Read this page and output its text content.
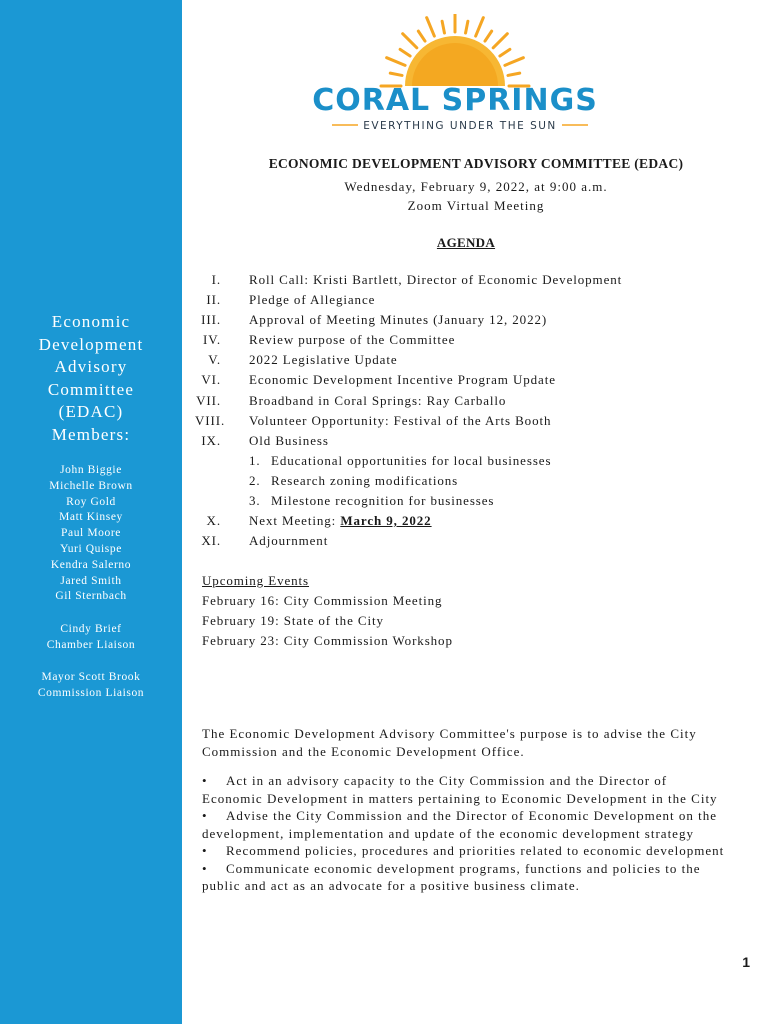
Economic
Development
Advisory
Committee
(EDAC)
Members:
John Biggie
Michelle Brown
Roy Gold
Matt Kinsey
Paul Moore
Yuri Quispe
Kendra Salerno
Jared Smith
Gil Sternbach
Cindy Brief
Chamber Liaison
Mayor Scott Brook
Commission Liaison
CORAL SPRINGS
EVERYTHING UNDER THE SUN
ECONOMIC DEVELOPMENT ADVISORY COMMITTEE (EDAC)
Wednesday, February 9, 2022, at 9:00 a.m.
Zoom Virtual Meeting
AGENDA
I. Roll Call: Kristi Bartlett, Director of Economic Development
II. Pledge of Allegiance
III. Approval of Meeting Minutes (January 12, 2022)
IV. Review purpose of the Committee
V. 2022 Legislative Update
VI. Economic Development Incentive Program Update
VII. Broadband in Coral Springs: Ray Carballo
VIII. Volunteer Opportunity: Festival of the Arts Booth
IX. Old Business
1. Educational opportunities for local businesses
2. Research zoning modifications
3. Milestone recognition for businesses
X. Next Meeting: March 9, 2022
XI. Adjournment
Upcoming Events
February 16: City Commission Meeting
February 19: State of the City
February 23: City Commission Workshop
The Economic Development Advisory Committee's purpose is to advise the City Commission and the Economic Development Office.

• Act in an advisory capacity to the City Commission and the Director of Economic Development in matters pertaining to Economic Development in the City

• Advise the City Commission and the Director of Economic Development on the development, implementation and update of the economic development strategy

• Recommend policies, procedures and priorities related to economic development

• Communicate economic development programs, functions and policies to the public and act as an advocate for a positive business climate.

1
